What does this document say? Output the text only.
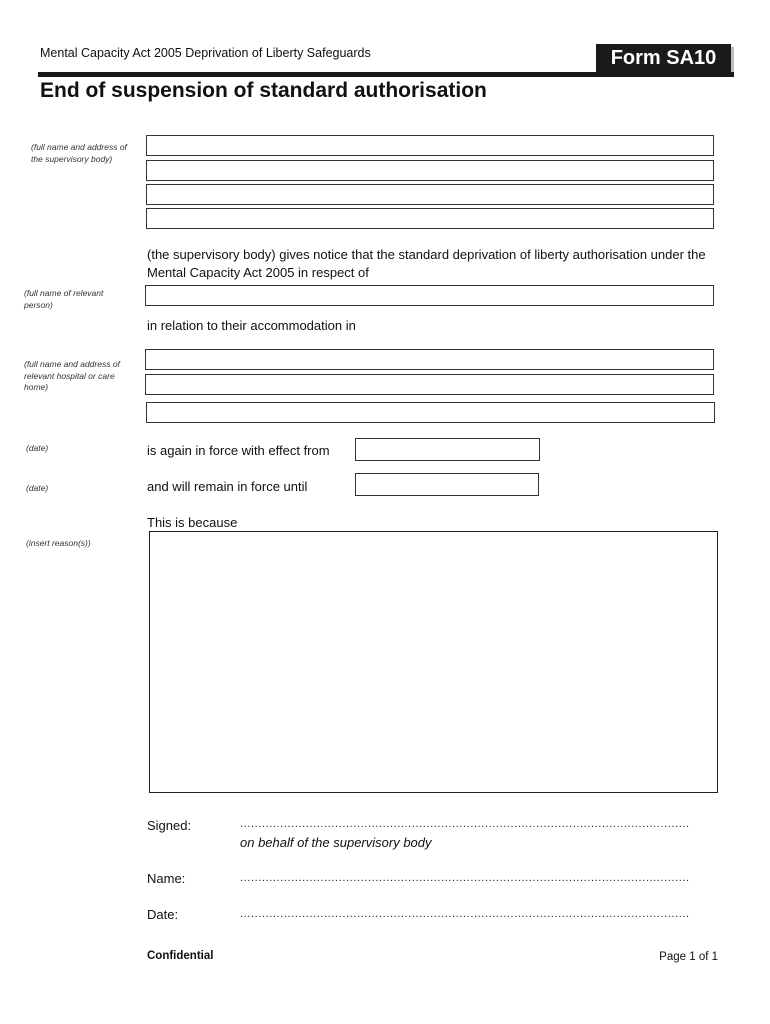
Mental Capacity Act 2005 Deprivation of Liberty Safeguards	Form SA10
End of suspension of standard authorisation
(full name and address of the supervisory body)
(the supervisory body) gives notice that the standard deprivation of liberty authorisation under the Mental Capacity Act 2005 in respect of
(full name of relevant person)
in relation to their accommodation in
(full name and address of relevant hospital or care home)
(date)	is again in force with effect from
(date)	and will remain in force until
This is because
(insert reason(s))
Signed:	...........................................................................................................................
on behalf of the supervisory body
Name:	...........................................................................................................................
Date:	...........................................................................................................................
Confidential	Page 1 of 1
